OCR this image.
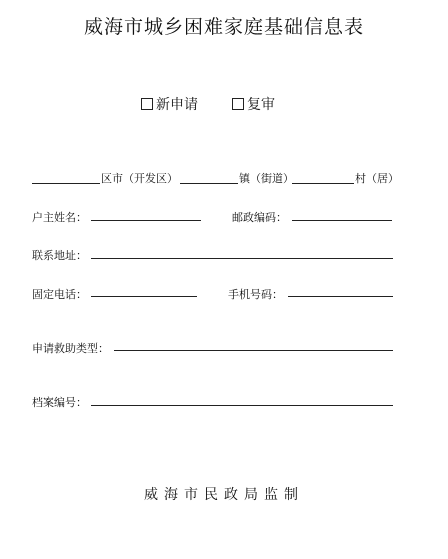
威海市城乡困难家庭基础信息表
新申请	复审
区市（开发区）	镇（街道）	村（居）
户主姓名：	邮政编码：
联系地址：
固定电话：	手机号码：
申请救助类型：
档案编号：
威海市民政局监制
